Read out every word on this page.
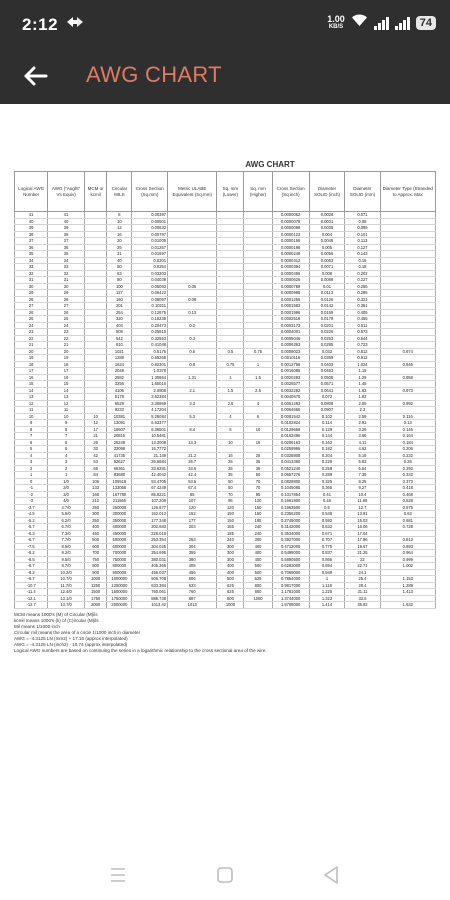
2:12	1.00
KB/S	74
AWG CHART
AWG CHART
Logical AWG Number	AWG ("Aught" Vs Equiv)	MCM or kcmil	Circular MILS	Cross Section (Sq.mm)	Metric ULABE Equivalent (Sq.mm)	Sq. mm (Lower)	Sq. mm (Higher)	Cross Section (Sq.inch)	Diameter SOLID (inch)	Diameter SOLID (mm)	Diameter Type (Stranded to Approx. Max
41	41		8	0.00397				0.0000062	0.0028	0.071	
40	40		10	0.00501				0.0000078	0.0031	0.08	
39	39		12	0.00632				0.0000098	0.0035	0.089	
38	38		16	0.00797				0.0000123	0.004	0.101	
37	37		20	0.01005				0.0000156	0.0045	0.113	
36	36		25	0.01267				0.0000196	0.005	0.127	
35	35		31	0.01597				0.0000248	0.0056	0.143	
34	34		40	0.0201				0.0000312	0.0063	0.16	
33	33		50	0.0254				0.0000394	0.0071	0.18	
32	32		63	0.03203				0.0000496	0.008	0.202	
31	31		80	0.04039				0.0000626	0.0089	0.227	
30	30		100	0.05093	0.05			0.0000789	0.01	0.255	
29	29		127	0.06422				0.0000995	0.0113	0.286	
28	28		160	0.08097	0.08			0.0001255	0.0126	0.321	
27	27		201	0.10211				0.0001583	0.0142	0.361	
26	26		254	0.12875	0.13			0.0001996	0.0159	0.405	
25	25		320	0.16235				0.0002516	0.0179	0.455	
24	24		404	0.20473	0.2			0.0003173	0.0201	0.511	
23	23		509	0.25815				0.0004001	0.0226	0.573	
22	22		642	0.32553	0.3			0.0005046	0.0253	0.644	
21	21		810	0.41048				0.0006363	0.0285	0.723	
20	20		1021	0.5176	0.5	0.5	0.75	0.0008023	0.032	0.812	0.874
19	19		1288	0.65268				0.0010116	0.0359	0.912	
18	18		1624	0.82301	0.8	0.75	1	0.0012756	0.0403	1.024	0.946
17	17		2048	1.0378				0.0016085	0.0453	1.15	
16	16		2582	1.30864	1.31	1	1.5	0.0020283	0.0508	1.29	0.958
15	15		3256	1.65016				0.0025577	0.0571	1.45	
14	14		4106	2.0808	2.1	1.5	2.5	0.0032252	0.0641	1.63	0.973
13	13		5178	2.62384				0.0040670	0.072	1.83	
12	12		6529	3.30859	3.3	2.5	4	0.0051283	0.0808	2.05	0.992
11	11		8233	4.17204				0.0064666	0.0907	2.3	
10	10	10	10381	5.26084	5.3	4	6	0.0081542	0.102	2.59	0.116
9	9	12	13091	6.63377				0.0102824	0.114	2.91	0.13
8	8	17	16507	8.36501	8.4	6	10	0.0129658	0.129	3.26	0.146
7	7	21	20815	10.5481				0.0163496	0.144	3.66	0.164
6	6	26	26248	13.3008	13.3	10	16	0.0206163	0.162	4.11	0.184
5	5	33	33098	16.7772				0.0259966	0.182	4.62	0.206
4	4	42	41735	21.149	21.2	16	25	0.0328808	0.204	5.19	0.232
3	3	53	52627	26.6684	26.7	25	35	0.0413360	0.229	5.83	0.26
2	2	66	66361	33.6281	33.6	25	35	0.0521240	0.258	6.54	0.292
1	1	84	83680	42.4042	42.4	35	50	0.0657276	0.289	7.35	0.332
0	1/0	106	105518	53.4705	53.5	50	70	0.0828800	0.325	8.25	0.373
-1	2/0	133	133056	67.4249	67.4	50	70	0.1045085	0.365	9.27	0.418
-2	3/0	168	167780	85.0221	85	70	95	0.1317854	0.41	10.4	0.468
-3	4/0	212	211566	107.209	107	95	120	0.1661800	0.46	11.68	0.528
-3.7	4.7/0	250	250000	126.677	120	120	150	0.1963500	0.5	12.7	0.575
-4.5	5.5/0	300	300000	152.012	152	150	150	0.2356200	0.548	13.91	0.63
-5.2	6.2/0	350	350000	177.348	177	150	185	0.2749000	0.592	15.03	0.681
-5.7	6.7/0	400	400000	202.683	203	185	240	0.3142000	0.632	16.06	0.728
-6.3	7.3/0	450	450000	228.018		185	240	0.3534000	0.671	17.04	
-6.7	7.7/0	500	500000	253.354	253	240	300	0.3927000	0.707	17.96	0.813
-7.5	8.5/0	600	600000	304.025	304	300	400	0.4712000	0.775	19.67	0.893
-8.2	9.2/0	700	700000	354.695	355	300	400	0.5498000	0.837	21.25	0.964
-8.5	9.5/0	750	750000	380.031	380	300	400	0.5890500	0.866	22	0.999
-8.7	9.7/0	800	800000	405.366	405	400	500	0.6283000	0.894	22.71	1.002
-9.2	10.2/0	900	900000	456.037	456	400	500	0.7069000	0.949	24.1	
-9.7	10.7/0	1000	1000000	506.708	506	500	625	0.7854000	1	25.4	1.153
-10.7	11.7/0	1250	1250000	633.384	633	625	800	0.9817000	1.118	28.4	1.289
-11.4	12.4/0	1500	1500000	760.061	760	625	800	1.1781000	1.225	31.11	1.413
-12.1	13.1/0	1750	1750000	886.738	887	800	1000	1.3744000	1.323	33.6	
-12.7	13.7/0	2000	2000000	1013.42	1013	1000		1.5708000	1.414	35.92	1.632
MCM means 1000's (M) of Circular (M)ils
kcmil means 1000's (k) of (C)ircular (M)ils
Mil means 1/1000 inch
Circular mil means the area of a circle 1/1000 inch in diameter
AWG = -4.3125 LN (mm2) + 17.16 (approx interpolated)
AWG = -4.3125 LN (inch2) - 10.74 (approx interpolated)
Logical AWG numbers are based on continuing the series in a logarithmic relationship to the cross sectional area of the wire.
